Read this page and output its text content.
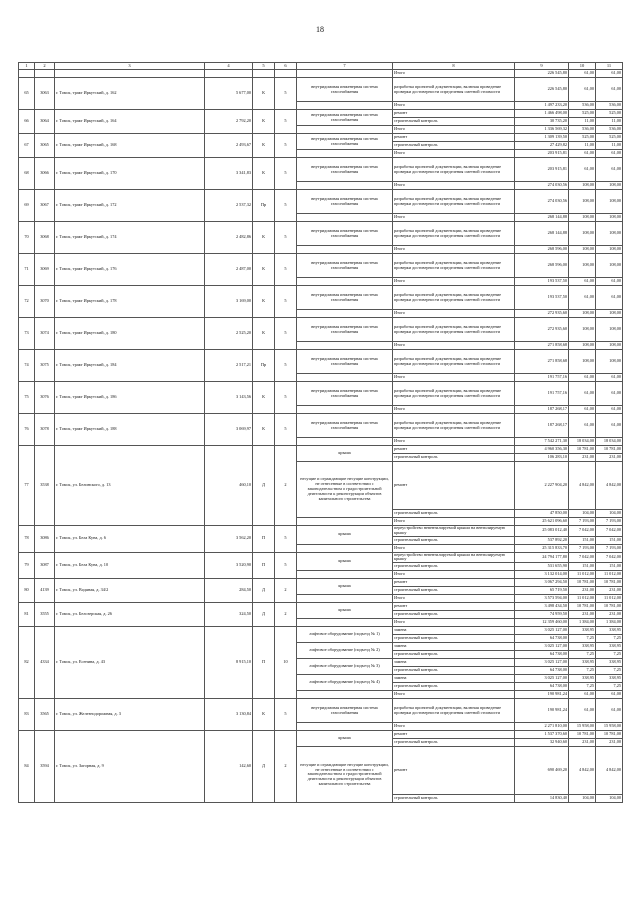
18
1	2	3	4	5	6	7	8	9	10	11
							Итого	226 545,80	61,00	61,00
65	3063	г. Томск, тракт Иркутский, д. 162	5 677,00	К	5	внутридомовая инженерная система газоснабжения	разработка проектной документации, включая проведение проверки достоверности определения сметной стоимости	226 545,80	61,00	61,00
							Итого	1 497 233,20	536,00	536,00
66	3064	г. Томск, тракт Иркутский, д. 164	2 792,20	К	5	внутридомовая инженерная система газоснабжения	ремонт	1 466 498,00	525,00	525,00
							строительный контроль	30 735,20	11,00	11,00
							Итого	1 336 569,32	536,00	536,00
67	3065	г. Томск, тракт Иркутский, д. 168	2 493,67	К	5	внутридомовая инженерная система газоснабжения	ремонт	1 309 139,50	525,00	525,00
							строительный контроль	27 429,82	11,00	11,00
							Итого	203 915,81	61,00	61,00
68	3066	г. Томск, тракт Иркутский, д. 170	3 341,83	К	5	внутридомовая инженерная система газоснабжения	разработка проектной документации, включая проведение проверки достоверности определения сметной стоимости	203 915,81	61,00	61,00
							Итого	274 030,56	108,00	108,00
69	3067	г. Томск, тракт Иркутский, д. 172	2 537,32	Пр	5	внутридомовая инженерная система газоснабжения	разработка проектной документации, включая проведение проверки достоверности определения сметной стоимости	274 030,56	108,00	108,00
							Итого	268 144,88	108,00	108,00
70	3068	г. Томск, тракт Иркутский, д. 174	2 482,86	К	5	внутридомовая инженерная система газоснабжения	разработка проектной документации, включая проведение проверки достоверности определения сметной стоимости	268 144,88	108,00	108,00
							Итого	268 596,00	108,00	108,00
71	3069	г. Томск, тракт Иркутский, д. 176	2 487,00	К	5	внутридомовая инженерная система газоснабжения	разработка проектной документации, включая проведение проверки достоверности определения сметной стоимости	268 596,00	108,00	108,00
							Итого	193 537,50	61,00	61,00
72	3070	г. Томск, тракт Иркутский, д. 178	3 169,00	К	5	внутридомовая инженерная система газоснабжения	разработка проектной документации, включая проведение проверки достоверности определения сметной стоимости	193 537,50	61,00	61,00
							Итого	272 935,60	108,00	108,00
73	3074	г. Томск, тракт Иркутский, д. 180	2 525,20	К	5	внутридомовая инженерная система газоснабжения	разработка проектной документации, включая проведение проверки достоверности определения сметной стоимости	272 935,60	108,00	108,00
							Итого	271 858,68	108,00	108,00
74	3075	г. Томск, тракт Иркутский, д. 184	2 517,21	Пр	5	внутридомовая инженерная система газоснабжения	разработка проектной документации, включая проведение проверки достоверности определения сметной стоимости	271 858,68	108,00	108,00
							Итого	191 757,16	61,00	61,00
75	3076	г. Томск, тракт Иркутский, д. 186	3 143,56	К	5	внутридомовая инженерная система газоснабжения	разработка проектной документации, включая проведение проверки достоверности определения сметной стоимости	191 757,16	61,00	61,00
							Итого	187 268,17	61,00	61,00
76	3078	г. Томск, тракт Иркутский, д. 188	3 069,97	К	5	внутридомовая инженерная система газоснабжения	разработка проектной документации, включая проведение проверки достоверности определения сметной стоимости	187 268,17	61,00	61,00
							Итого	7 542 271,30	18 034,00	18 034,00
77	3538	г. Томск, ул. Белинского, д. 13	460,10	Д	2	крыша	ремонт	4 960 356,30	10 781,00	10 781,00
							строительный контроль	106 283,10	231,00	231,00
						несущие и ограждающие несущие конструкции, не отнесенные в соответствии с законодательством о градостроительной деятельности к реконструкции объектов капитального строительства	ремонт	2 227 904,20	4 842,00	4 842,00
							строительный контроль	47 850,00	104,00	104,00
							Итого	25 621 096,60	7 193,00	7 193,00
78	3086	г. Томск, ул. Бела Куна, д. 6	3 562,20	П	5	крыша	переустройство невентилируемой крыши на вентилируемую крышу	25 083 012,40	7 042,00	7 042,00
							строительный контроль	537 892,20	151,00	151,00
							Итого	25 315 833,70	7 193,00	7 193,00
79	3087	г. Томск, ул. Бела Куна, д. 10	3 520,90	П	5	крыша	переустройство невентилируемой крыши на вентилируемую крышу	24 794 177,80	7 042,00	7 042,00
							строительный контроль	531 655,90	151,00	151,00
							Итого	3 132 014,00	11 012,00	11 012,00
80	4139	г. Томск, ул. Водяная, д. 34/2	284,50	Д	2	крыша	ремонт	3 067 294,50	10 781,00	10 781,00
							строительный контроль	65 719,50	231,00	231,00
							Итого	3 573 594,00	11 012,00	11 012,00
81	3555	г. Томск, ул. Белозерская, д. 26	324,50	Д	2	крыша	ремонт	3 498 434,50	10 781,00	10 781,00
							строительный контроль	74 959,50	231,00	231,00
							Итого	12 359 460,00	1 384,00	1 384,00
82	4334	г. Томск, ул. Есенина, д. 43	8 915,10	П	10	лифтовое оборудование (подъезд № 1)	замена	3 025 127,00	338,95	338,95
							строительный контроль	64 738,00	7,25	7,25
						лифтовое оборудование (подъезд № 2)	замена	3 025 127,00	338,95	338,95
							строительный контроль	64 738,00	7,25	7,25
						лифтовое оборудование (подъезд № 3)	замена	3 025 127,00	338,95	338,95
							строительный контроль	64 738,00	7,25	7,25
						лифтовое оборудование (подъезд № 4)	замена	3 025 127,00	338,95	338,95
							строительный контроль	64 738,00	7,25	7,25
							Итого	190 981,24	61,00	61,00
83	3565	г. Томск, ул. Железнодорожная, д. 3	3 130,84	К	5	внутридомовая инженерная система газоснабжения	разработка проектной документации, включая проведение проверки достоверности определения сметной стоимости	190 981,24	61,00	61,00
							Итого	2 271 810,00	15 958,00	15 958,00
84	3594	г. Томск, ул. Загорная, д. 9	142,60	Д	2	крыша	ремонт	1 537 370,60	10 781,00	10 781,00
							строительный контроль	32 940,60	231,00	231,00
						несущие и ограждающие несущие конструкции, не отнесенные в соответствии с законодательством о градостроительной деятельности к реконструкции объектов капитального строительства	ремонт	690 469,20	4 842,00	4 842,00
							строительный контроль	14 830,40	104,00	104,00
